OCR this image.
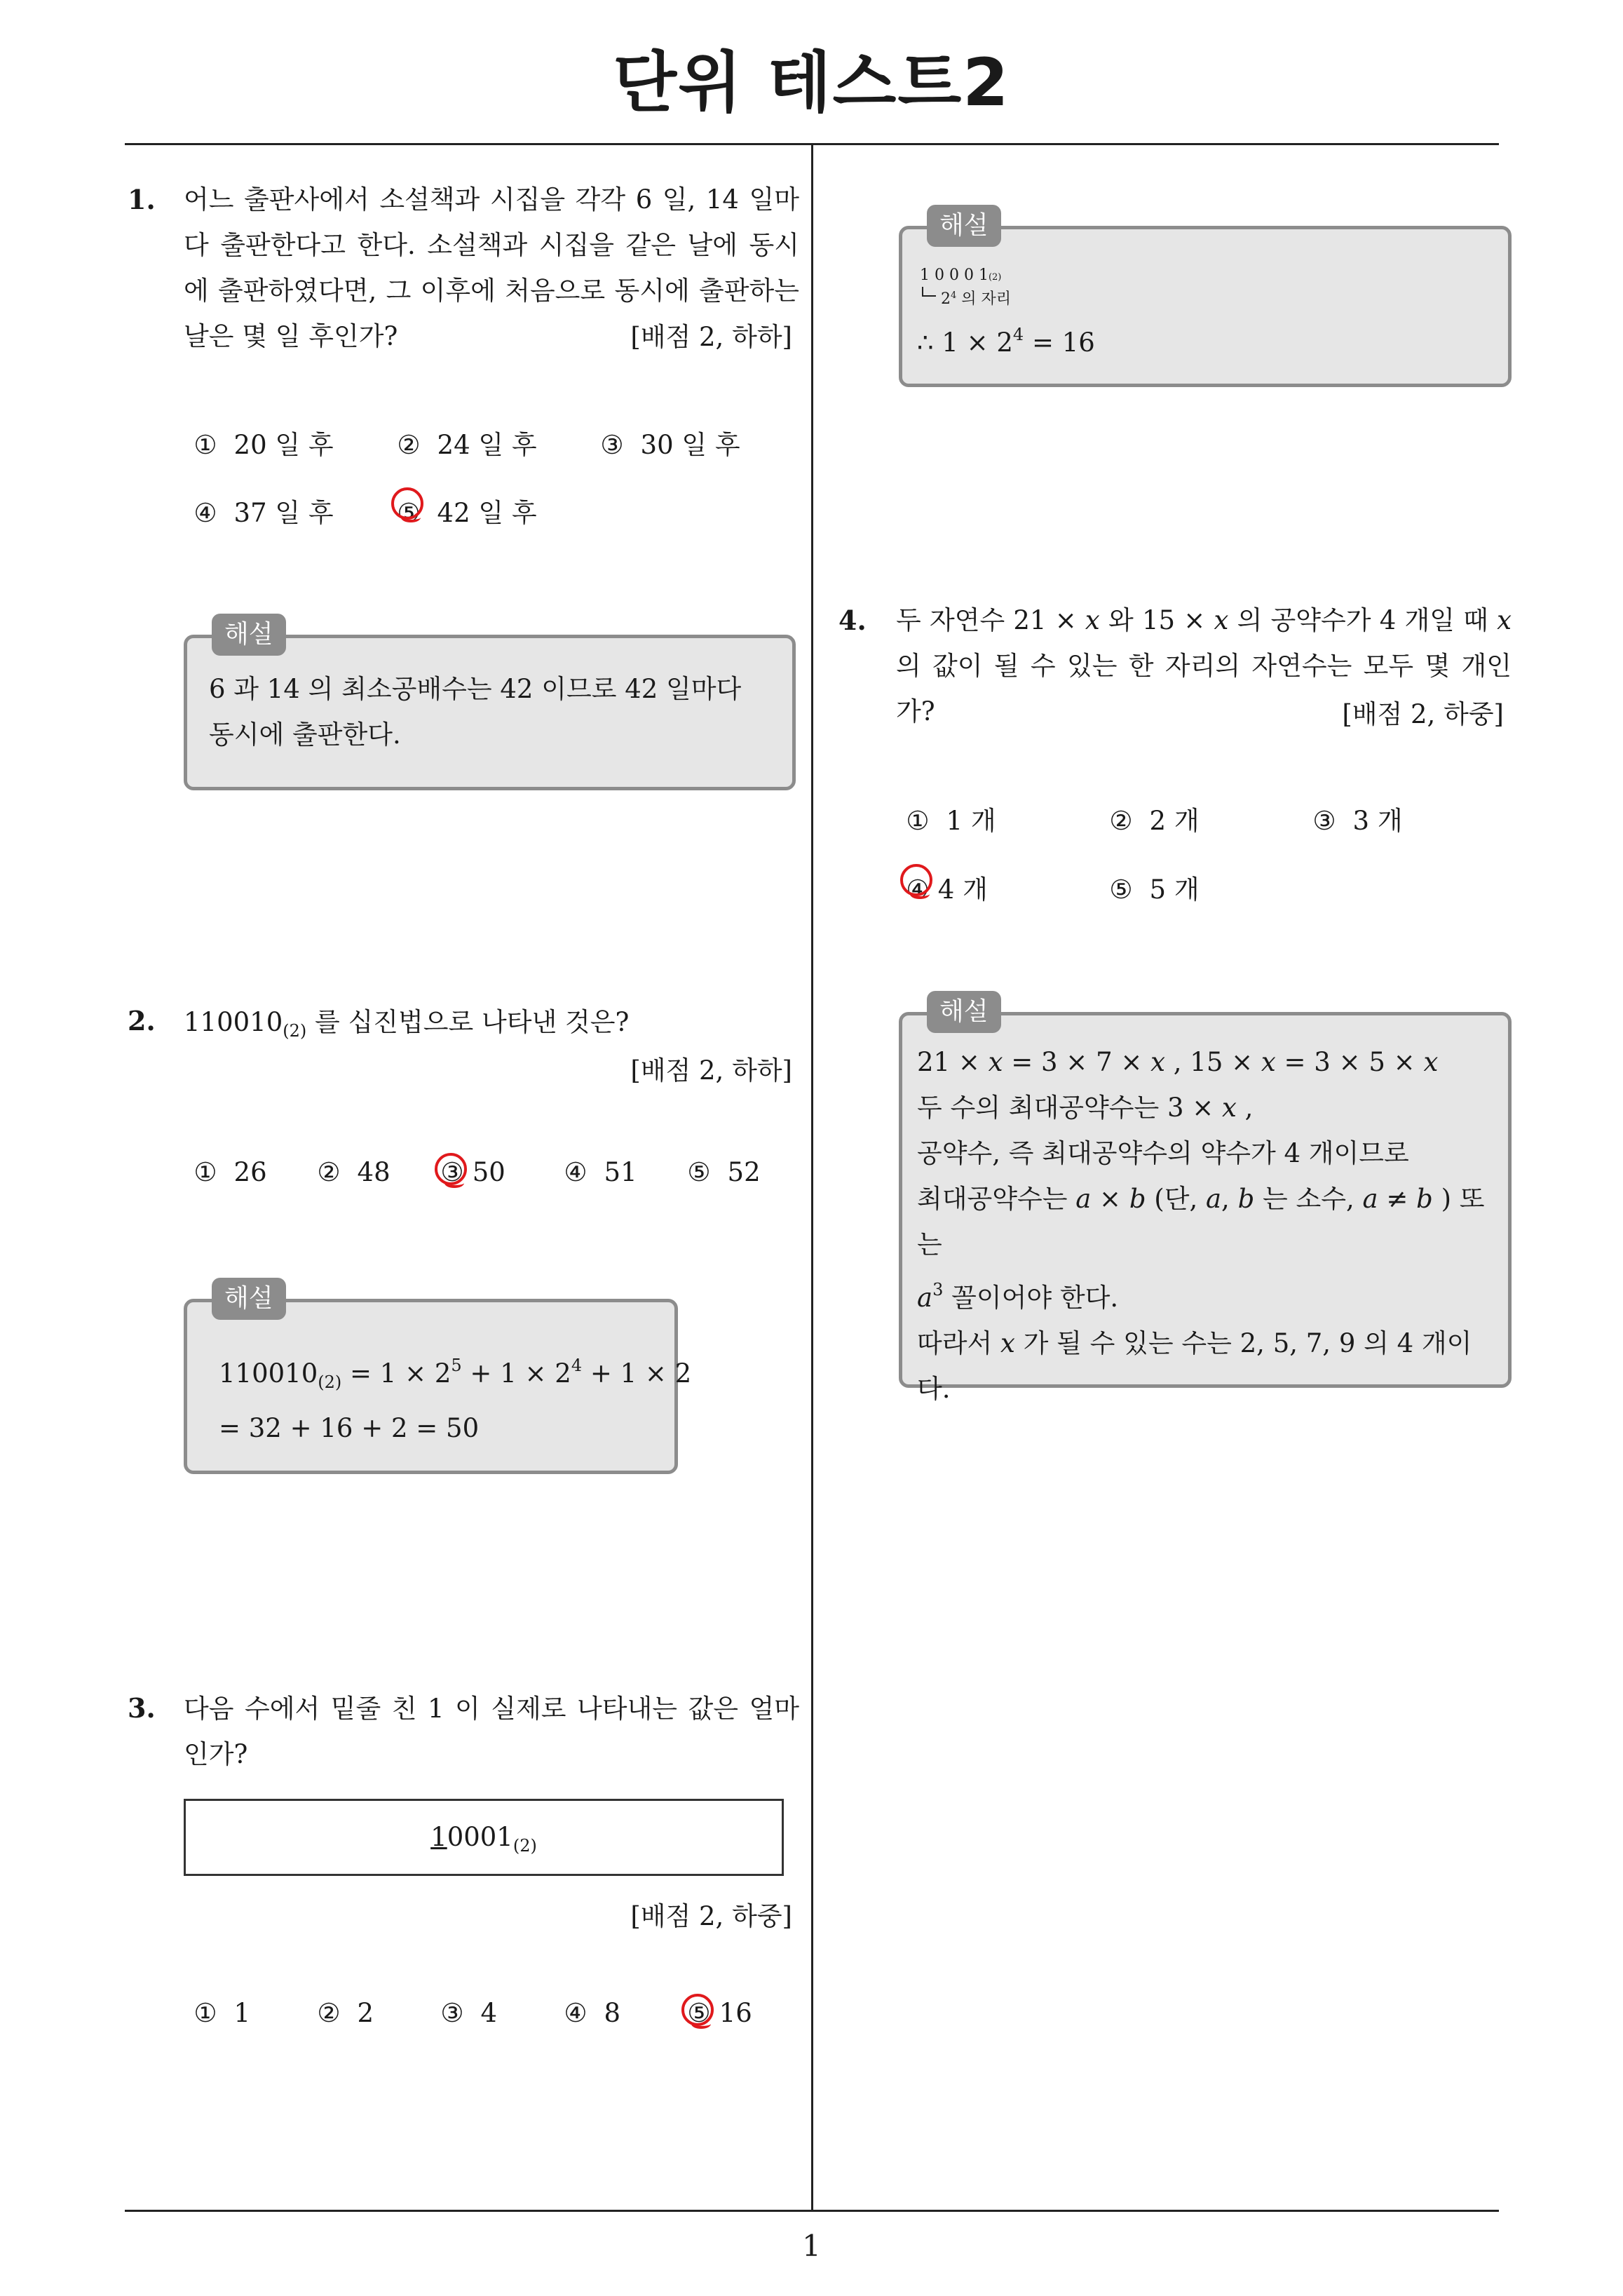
단위 테스트2
1
1. 어느 출판사에서 소설책과 시집을 각각 6 일, 14 일마다 출판한다고 한다. 소설책과 시집을 같은 날에 동시에 출판하였다면, 그 이후에 처음으로 동시에 출판하는 날은 몇 일 후인가?	[배점 2, 하하]
① 20 일 후 ② 24 일 후 ③ 30 일 후
④ 37 일 후 ⑤ 42 일 후
해설
6 과 14 의 최소공배수는 42 이므로 42 일마다 동시에 출판한다.
2. $110010_{(2)}$ 를 십진법으로 나타낸 것은?
[배점 2, 하하]
① 26 ② 48 ③ 50 ④ 51 ⑤ 52
해설
$110010_{(2)} = 1 \times 2^5 + 1 \times 2^4 + 1 \times 2$
= 32 + 16 + 2 = 50
3. 다음 수에서 밑줄 친 1 이 실제로 나타내는 값은 얼마인가?
$10001_{(2)}$
[배점 2, 하중]
① 1	② 2	③ 4	④ 8	⑤ 16
해설
1 0 0 0 1(2)
$2^4$ 의 자리
∴ $1 \times 2^4 = 16$
4. 두 자연수 21 × x 와 15 × x 의 공약수가 4 개일 때 x 의 값이 될 수 있는 한 자리의 자연수는 모두 몇 개인가?	[배점 2, 하중]
① 1 개	② 2 개	③ 3 개
④ 4 개	⑤ 5 개
해설
21 × x = 3 × 7 × x , 15 × x = 3 × 5 × x
두 수의 최대공약수는 3 × x ,
공약수, 즉 최대공약수의 약수가 4 개이므로
최대공약수는 a × b (단, a, b 는 소수, a ≠ b ) 또는
$a^3$ 꼴이어야 한다.
따라서 x 가 될 수 있는 수는 2, 5, 7, 9 의 4 개이
다.
